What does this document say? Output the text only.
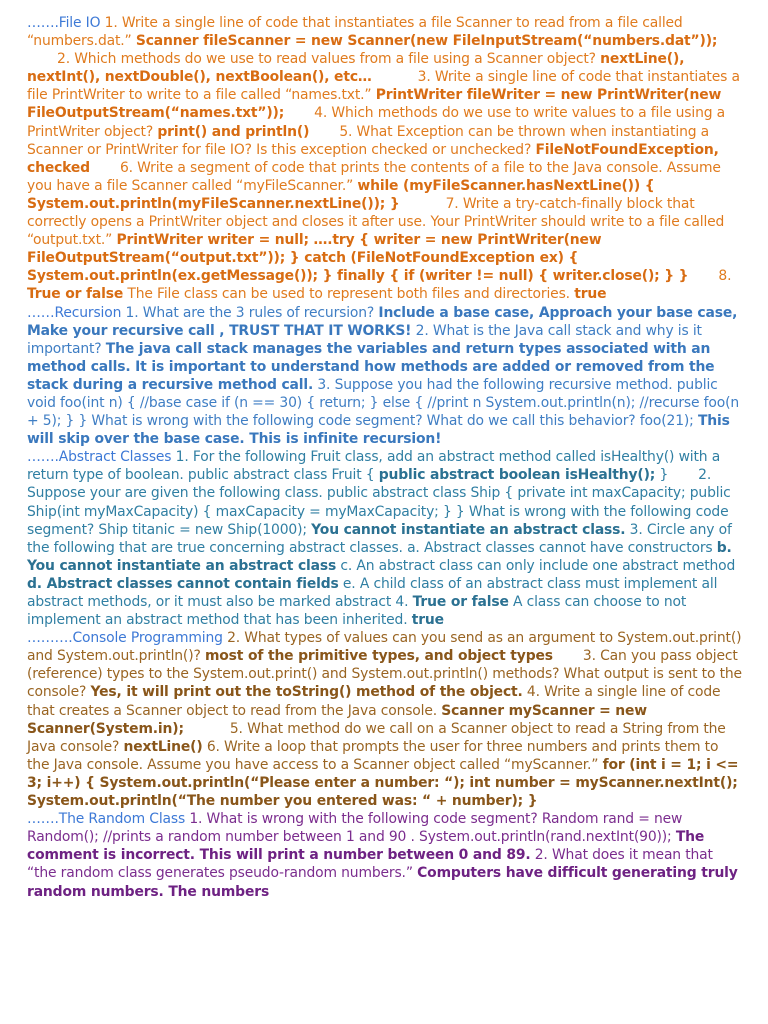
…….File IO 1. Write a single line of code that instantiates a file Scanner to read from a file called “numbers.dat.” Scanner fileScanner = new Scanner(new FileInputStream(“numbers.dat”));2. Which methods do we use to read values from a file using a Scanner object? nextLine(), nextInt(), nextDouble(), nextBoolean(), etc…	3. Write a single line of code that instantiates a file PrintWriter to write to a file called “names.txt.” PrintWriter fileWriter = new PrintWriter(new FileOutputStream(“names.txt”)); 4. Which methods do we use to write values to a file using a PrintWriter object? print() and println() 5. What Exception can be thrown when instantiating a Scanner or PrintWriter for file IO? Is this exception checked or unchecked? FileNotFoundException, checked 6. Write a segment of code that prints the contents of a file to the Java console. Assume you have a file Scanner called “myFileScanner.” while (myFileScanner.hasNextLine()) { System.out.println(myFileScanner.nextLine()); }	7. Write a try-catch-finally block that correctly opens a PrintWriter object and closes it after use. Your PrintWriter should write to a file called “output.txt.” PrintWriter writer = null; ….try { writer = new PrintWriter(new FileOutputStream(“output.txt”)); } catch (FileNotFoundException ex) { System.out.println(ex.getMessage()); } finally { if (writer != null) { writer.close(); } } 8. True or false The File class can be used to represent both files and directories. true
……Recursion 1. What are the 3 rules of recursion? Include a base case, Approach your base case, Make your recursive call , TRUST THAT IT WORKS! 2. What is the Java call stack and why is it important? The java call stack manages the variables and return types associated with an method calls. It is important to understand how methods are added or removed from the stack during a recursive method call. 3. Suppose you had the following recursive method. public void foo(int n) { //base case if (n == 30) { return; } else { //print n System.out.println(n); //recurse foo(n + 5); } } What is wrong with the following code segment? What do we call this behavior? foo(21); This will skip over the base case. This is infinite recursion!
…….Abstract Classes 1. For the following Fruit class, add an abstract method called isHealthy() with a return type of boolean. public abstract class Fruit { public abstract boolean isHealthy(); } 2. Suppose your are given the following class. public abstract class Ship { private int maxCapacity; public Ship(int myMaxCapacity) { maxCapacity = myMaxCapacity; } } What is wrong with the following code segment? Ship titanic = new Ship(1000); You cannot instantiate an abstract class. 3. Circle any of the following that are true concerning abstract classes. a. Abstract classes cannot have constructors b. You cannot instantiate an abstract class c. An abstract class can only include one abstract method d. Abstract classes cannot contain fields e. A child class of an abstract class must implement all abstract methods, or it must also be marked abstract 4. True or false A class can choose to not implement an abstract method that has been inherited. true
……….Console Programming 2. What types of values can you send as an argument to System.out.print() and System.out.println()? most of the primitive types, and object types 3. Can you pass object (reference) types to the System.out.print() and System.out.println() methods? What output is sent to the console? Yes, it will print out the toString() method of the object. 4. Write a single line of code that creates a Scanner object to read from the Java console. Scanner myScanner = new Scanner(System.in);	5. What method do we call on a Scanner object to read a String from the Java console? nextLine() 6. Write a loop that prompts the user for three numbers and prints them to the Java console. Assume you have access to a Scanner object called “myScanner.” for (int i = 1; i <= 3; i++) { System.out.println(“Please enter a number: “); int number = myScanner.nextInt(); System.out.println(“The number you entered was: “ + number); }
…….The Random Class 1. What is wrong with the following code segment? Random rand = new Random(); //prints a random number between 1 and 90 . System.out.println(rand.nextInt(90)); The comment is incorrect. This will print a number between 0 and 89. 2. What does it mean that “the random class generates pseudo-random numbers.” Computers have difficult generating truly random numbers. The numbers
